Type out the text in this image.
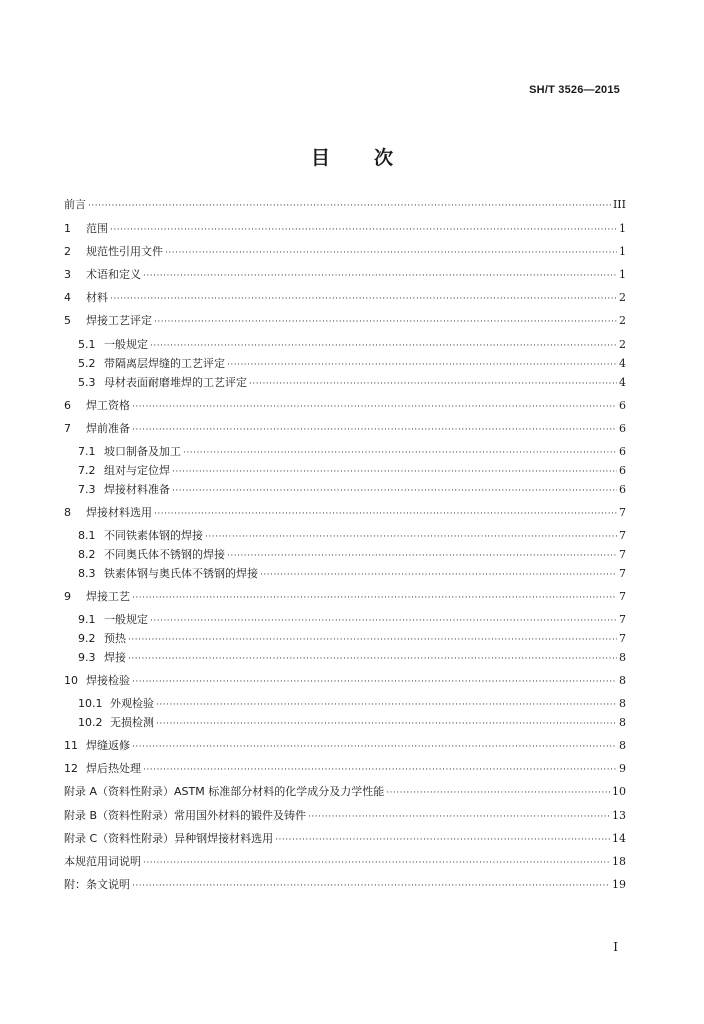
SH/T 3526—2015
目 次
前言 ·····	III
1	范围 ·····	1
2	规范性引用文件 ·····	1
3	术语和定义 ·····	1
4	材料 ·····	2
5	焊接工艺评定 ·····	2
5.1 一般规定 ·····	2
5.2 带隔离层焊缝的工艺评定 ·····	4
5.3 母材表面耐磨堆焊的工艺评定 ·····	4
6	焊工资格 ·····	6
7	焊前准备 ·····	6
7.1 坡口制备及加工 ·····	6
7.2 组对与定位焊 ·····	6
7.3 焊接材料准备 ·····	6
8	焊接材料选用 ·····	7
8.1 不同铁素体钢的焊接 ·····	7
8.2 不同奥氏体不锈钢的焊接 ·····	7
8.3 铁素体钢与奥氏体不锈钢的焊接 ·····	7
9	焊接工艺 ·····	7
9.1 一般规定 ·····	7
9.2 预热 ·····	7
9.3 焊接 ·····	8
10 焊接检验 ·····	8
10.1 外观检验 ·····	8
10.2 无损检测 ·····	8
11 焊缝返修 ·····	8
12 焊后热处理 ·····	9
附录 A（资料性附录）ASTM 标准部分材料的化学成分及力学性能 ·····	10
附录 B（资料性附录）常用国外材料的锻件及铸件 ·····	13
附录 C（资料性附录）异种钢焊接材料选用 ·····	14
本规范用词说明 ·····	18
附：条文说明 ·····	19
I
